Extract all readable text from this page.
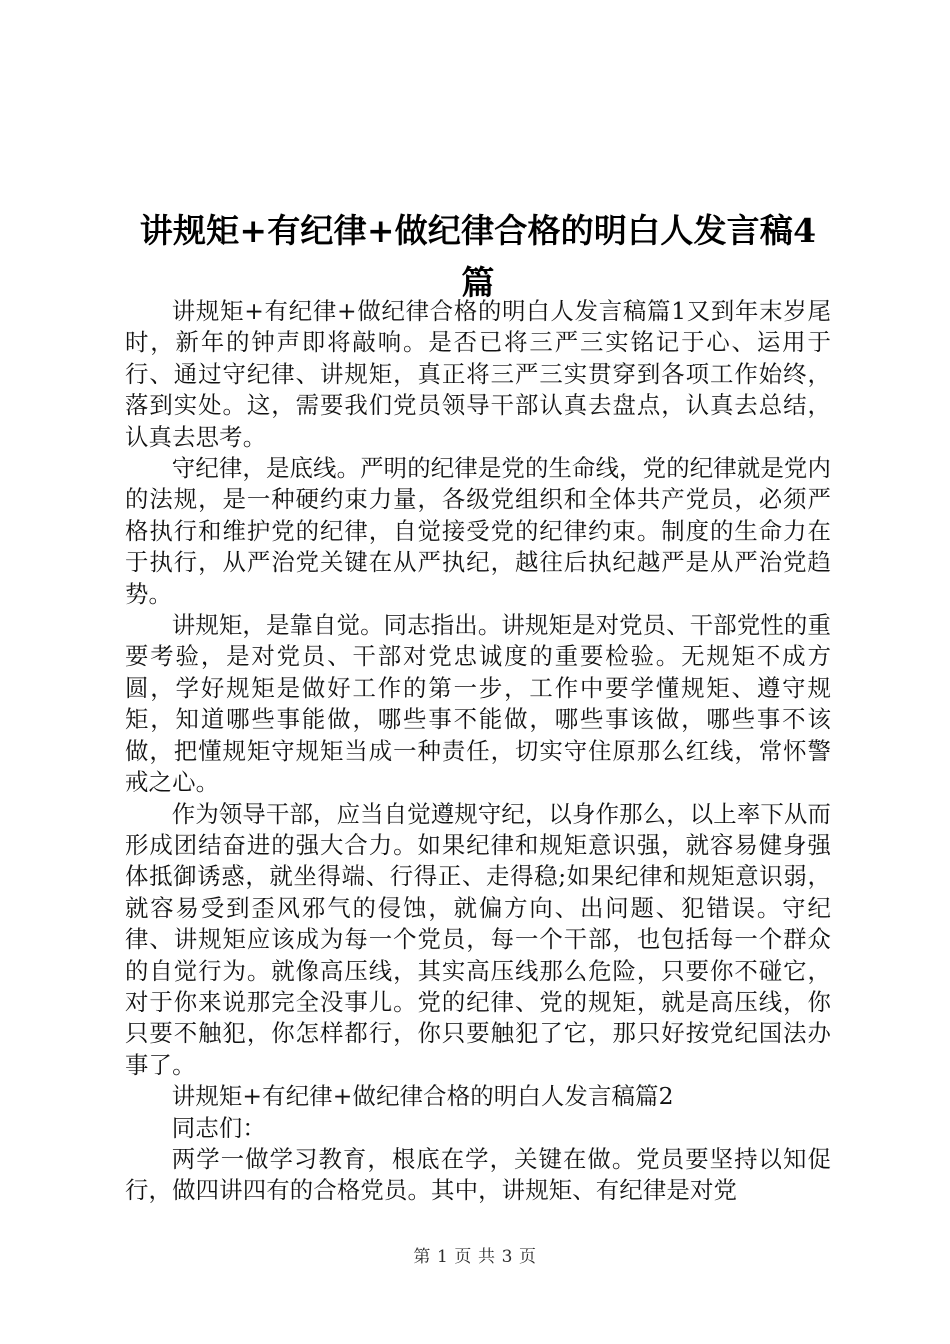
讲规矩+有纪律+做纪律合格的明白人发言稿4篇

讲规矩+有纪律+做纪律合格的明白人发言稿篇1又到年末岁尾时，新年的钟声即将敲响。是否已将三严三实铭记于心、运用于行、通过守纪律、讲规矩，真正将三严三实贯穿到各项工作始终，落到实处。这，需要我们党员领导干部认真去盘点，认真去总结，认真去思考。

守纪律，是底线。严明的纪律是党的生命线，党的纪律就是党内的法规，是一种硬约束力量，各级党组织和全体共产党员，必须严格执行和维护党的纪律，自觉接受党的纪律约束。制度的生命力在于执行，从严治党关键在从严执纪，越往后执纪越严是从严治党趋势。

讲规矩，是靠自觉。同志指出。讲规矩是对党员、干部党性的重要考验，是对党员、干部对党忠诚度的重要检验。无规矩不成方圆，学好规矩是做好工作的第一步，工作中要学懂规矩、遵守规矩，知道哪些事能做，哪些事不能做，哪些事该做，哪些事不该做，把懂规矩守规矩当成一种责任，切实守住原那么红线，常怀警戒之心。

作为领导干部，应当自觉遵规守纪，以身作那么，以上率下从而形成团结奋进的强大合力。如果纪律和规矩意识强，就容易健身强体抵御诱惑，就坐得端、行得正、走得稳;如果纪律和规矩意识弱，就容易受到歪风邪气的侵蚀，就偏方向、出问题、犯错误。守纪律、讲规矩应该成为每一个党员，每一个干部，也包括每一个群众的自觉行为。就像高压线，其实高压线那么危险，只要你不碰它，对于你来说那完全没事儿。党的纪律、党的规矩，就是高压线，你只要不触犯，你怎样都行，你只要触犯了它，那只好按党纪国法办事了。

讲规矩+有纪律+做纪律合格的明白人发言稿篇2

同志们：

两学一做学习教育，根底在学，关键在做。党员要坚持以知促行，做四讲四有的合格党员。其中，讲规矩、有纪律是对党

第 1 页 共 3 页
